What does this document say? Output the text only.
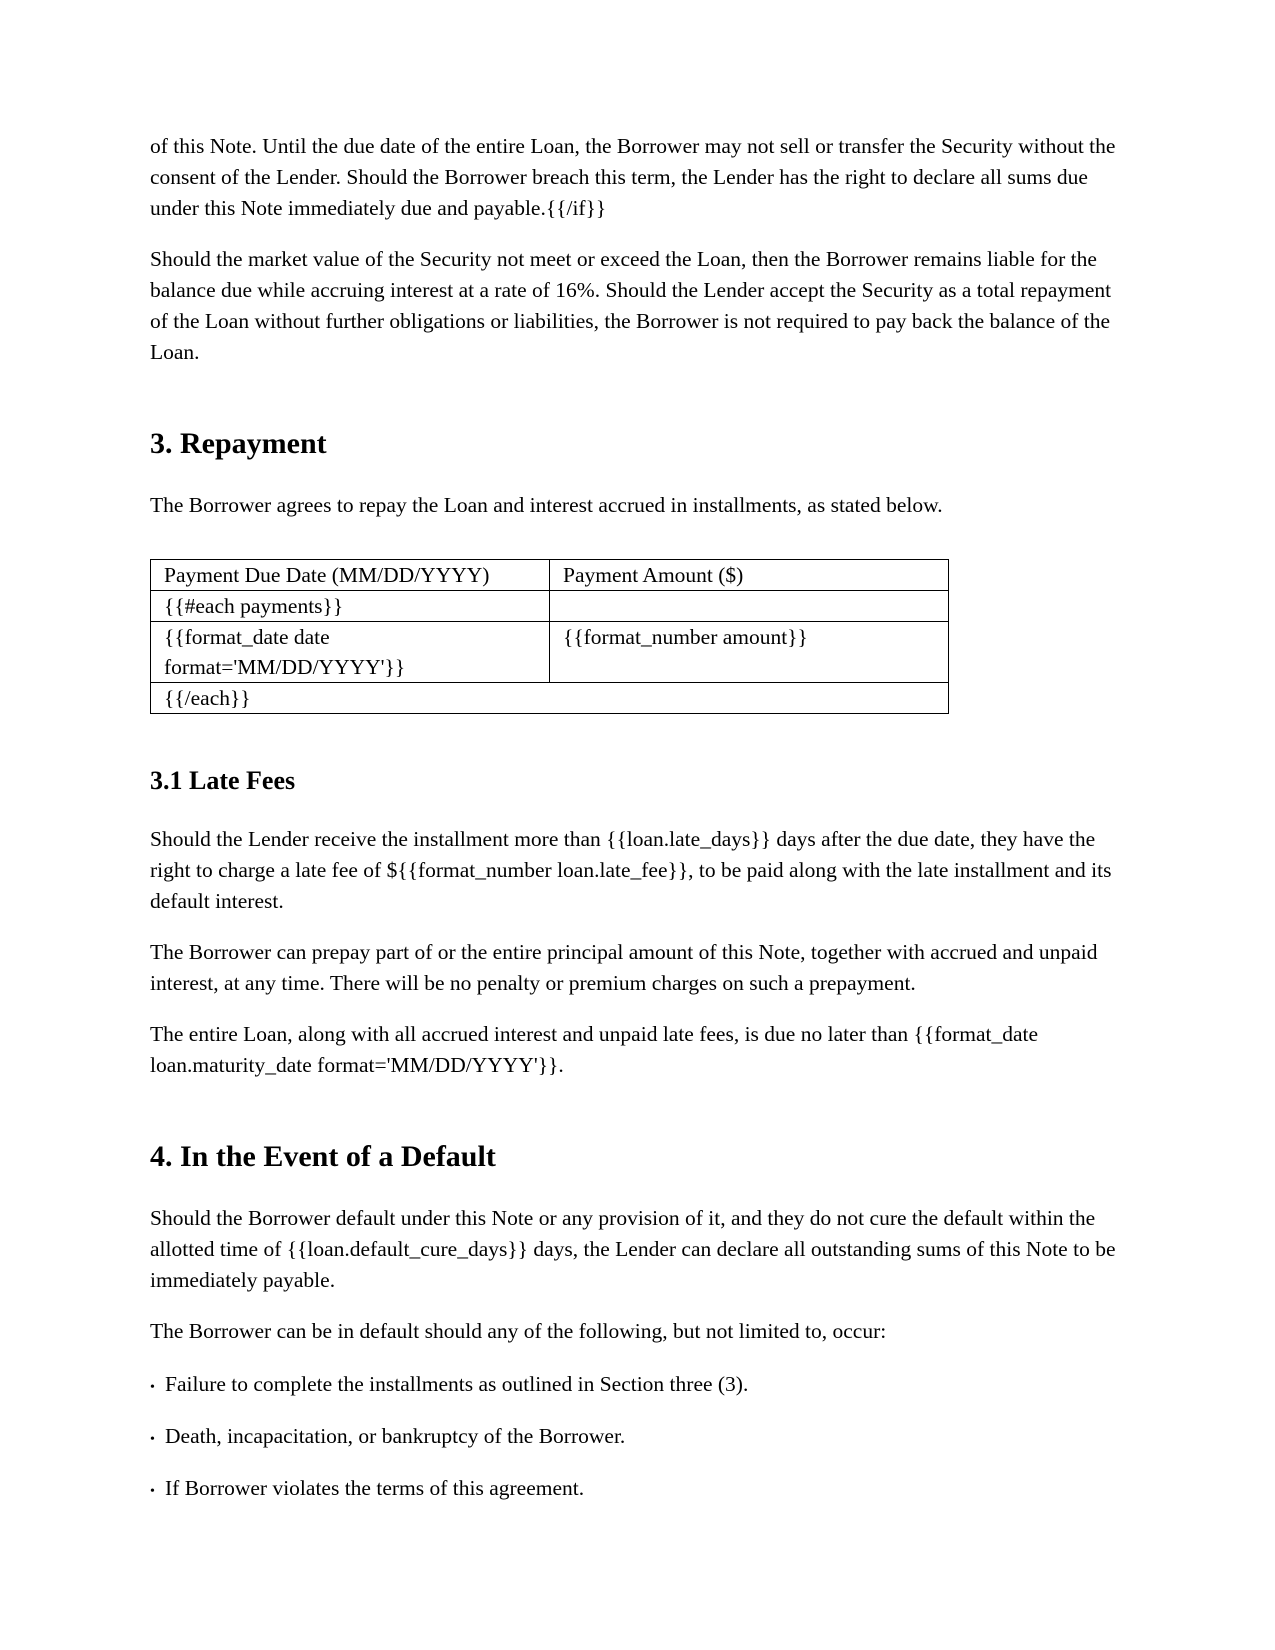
of this Note. Until the due date of the entire Loan, the Borrower may not sell or transfer the Security without the consent of the Lender. Should the Borrower breach this term, the Lender has the right to declare all sums due under this Note immediately due and payable.{{/if}}

Should the market value of the Security not meet or exceed the Loan, then the Borrower remains liable for the balance due while accruing interest at a rate of 16%. Should the Lender accept the Security as a total repayment of the Loan without further obligations or liabilities, the Borrower is not required to pay back the balance of the Loan.

3. Repayment

The Borrower agrees to repay the Loan and interest accrued in installments, as stated below.

Payment Due Date (MM/DD/YYYY)	Payment Amount ($)
{{#each payments}}	
{{format_date date format='MM/DD/YYYY'}}	{{format_number amount}}
{{/each}}	
3.1 Late Fees

Should the Lender receive the installment more than {{loan.late_days}} days after the due date, they have the right to charge a late fee of ${{format_number loan.late_fee}}, to be paid along with the late installment and its default interest.

The Borrower can prepay part of or the entire principal amount of this Note, together with accrued and unpaid interest, at any time. There will be no penalty or premium charges on such a prepayment.

The entire Loan, along with all accrued interest and unpaid late fees, is due no later than {{format_date loan.maturity_date format='MM/DD/YYYY'}}.

4. In the Event of a Default

Should the Borrower default under this Note or any provision of it, and they do not cure the default within the allotted time of {{loan.default_cure_days}} days, the Lender can declare all outstanding sums of this Note to be immediately payable.

The Borrower can be in default should any of the following, but not limited to, occur:

• Failure to complete the installments as outlined in Section three (3).
• Death, incapacitation, or bankruptcy of the Borrower.
• If Borrower violates the terms of this agreement.
